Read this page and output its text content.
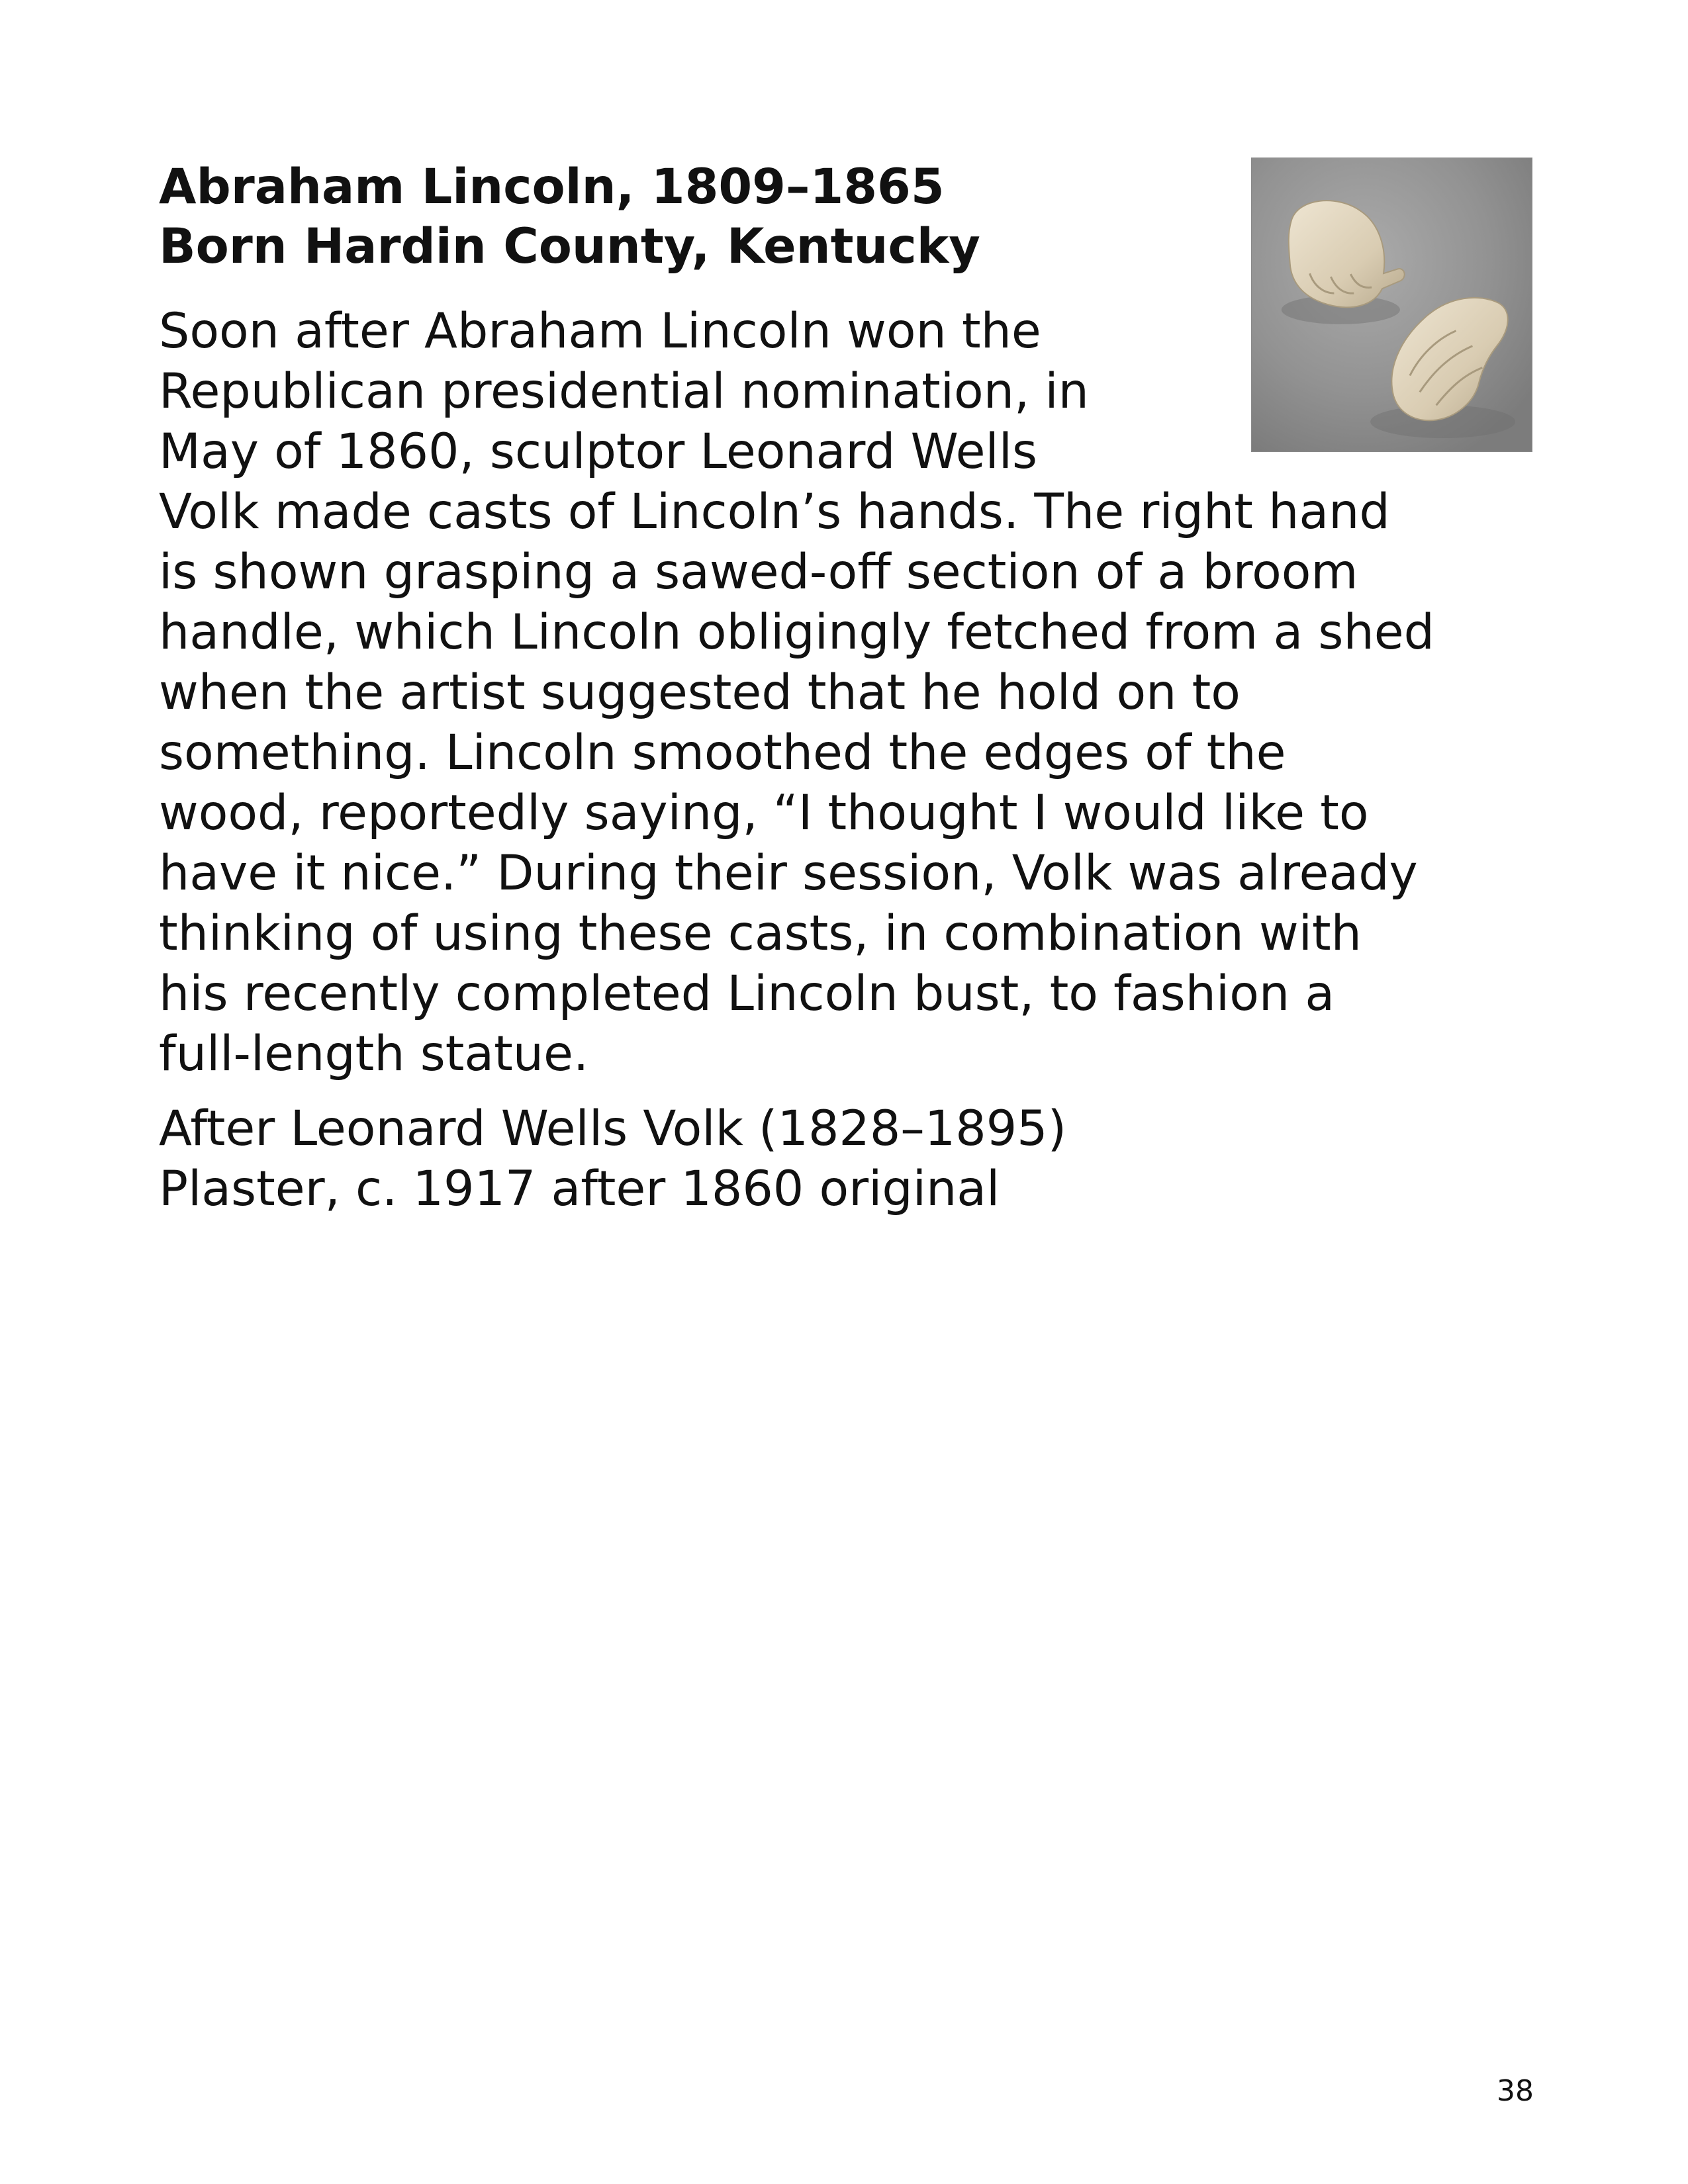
Abraham Lincoln, 1809–1865
Born Hardin County, Kentucky
Soon after Abraham Lincoln won the
Republican presidential nomination, in
May of 1860, sculptor Leonard Wells
Volk made casts of Lincoln’s hands. The right hand
is shown grasping a sawed-off section of a broom
handle, which Lincoln obligingly fetched from a shed
when the artist suggested that he hold on to
something. Lincoln smoothed the edges of the
wood, reportedly saying, “I thought I would like to
have it nice.” During their session, Volk was already
thinking of using these casts, in combination with
his recently completed Lincoln bust, to fashion a
full-length statue.
After Leonard Wells Volk (1828–1895)
Plaster, c. 1917 after 1860 original
38
